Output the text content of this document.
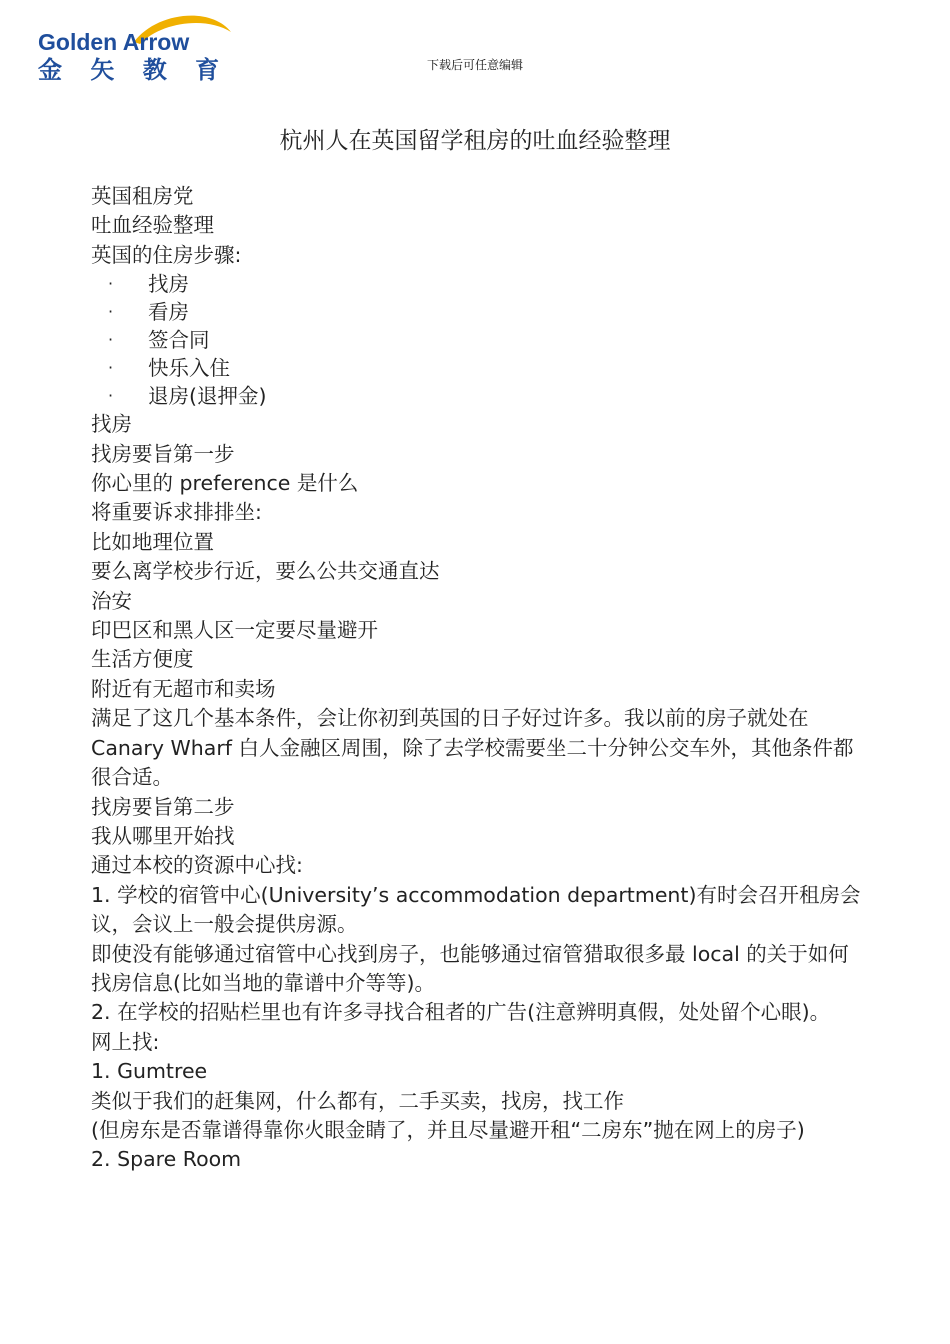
Golden Arrow
金 矢 教 育	下载后可任意编辑
杭州人在英国留学租房的吐血经验整理
英国租房党
吐血经验整理
英国的住房步骤:
·	找房
·	看房
·	签合同
·	快乐入住
·	退房(退押金)
找房
找房要旨第一步
你心里的 preference 是什么
将重要诉求排排坐:
比如地理位置
要么离学校步行近，要么公共交通直达
治安
印巴区和黑人区一定要尽量避开
生活方便度
附近有无超市和卖场
满足了这几个基本条件，会让你初到英国的日子好过许多。我以前的房子就处在 Canary Wharf 白人金融区周围，除了去学校需要坐二十分钟公交车外，其他条件都很合适。
找房要旨第二步
我从哪里开始找
通过本校的资源中心找:
1. 学校的宿管中心(University’s accommodation department)有时会召开租房会议，会议上一般会提供房源。
即使没有能够通过宿管中心找到房子，也能够通过宿管猎取很多最 local 的关于如何找房信息(比如当地的靠谱中介等等)。
2. 在学校的招贴栏里也有许多寻找合租者的广告(注意辨明真假，处处留个心眼)。
网上找:
1. Gumtree
类似于我们的赶集网，什么都有，二手买卖，找房，找工作
(但房东是否靠谱得靠你火眼金睛了，并且尽量避开租“二房东”抛在网上的房子)
2. Spare Room
